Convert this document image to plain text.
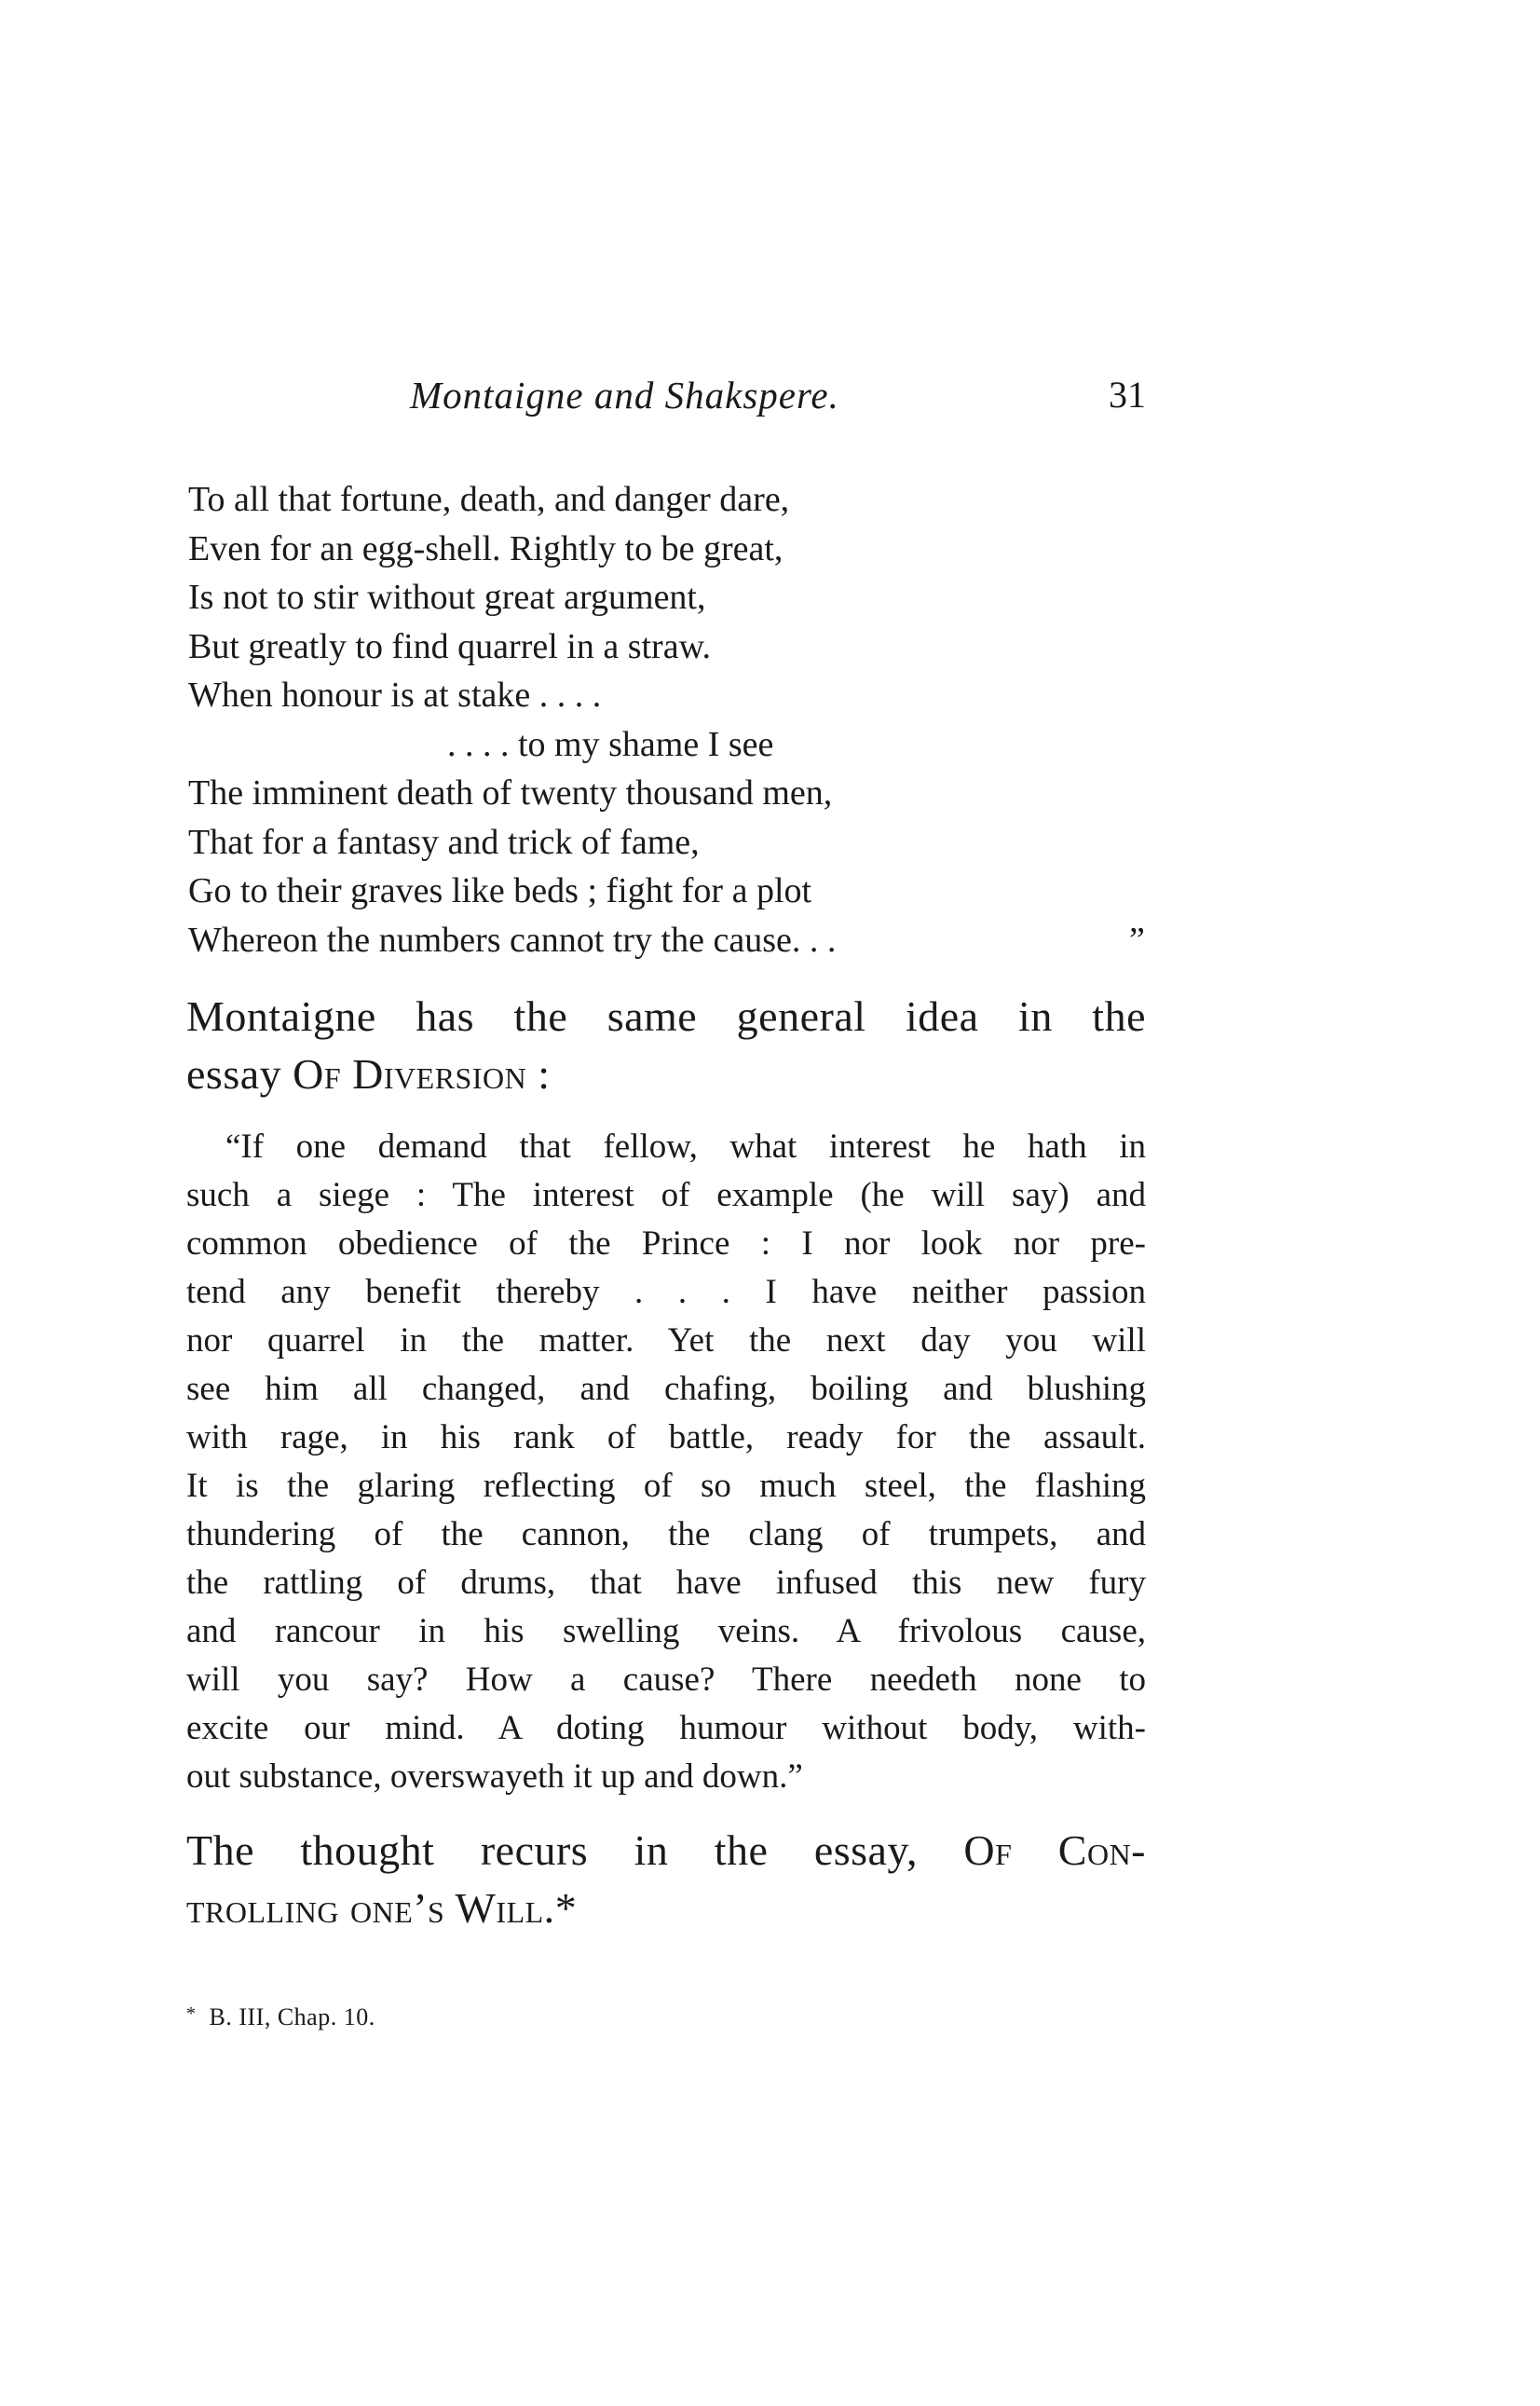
Montaigne and Shakspere.	31
To all that fortune, death, and danger dare,
Even for an egg-shell. Rightly to be great,
Is not to stir without great argument,
But greatly to find quarrel in a straw.
When honour is at stake . . . .
. . . . to my shame I see
The imminent death of twenty thousand men,
That for a fantasy and trick of fame,
Go to their graves like beds ; fight for a plot
Whereon the numbers cannot try the cause. . .	”
Montaigne has the same general idea in the
essay Of Diversion :
“If one demand that fellow, what interest he hath in
such a siege : The interest of example (he will say) and
common obedience of the Prince : I nor look nor pre-
tend any benefit thereby . . . I have neither passion
nor quarrel in the matter. Yet the next day you will
see him all changed, and chafing, boiling and blushing
with rage, in his rank of battle, ready for the assault.
It is the glaring reflecting of so much steel, the flashing
thundering of the cannon, the clang of trumpets, and
the rattling of drums, that have infused this new fury
and rancour in his swelling veins. A frivolous cause,
will you say? How a cause? There needeth none to
excite our mind. A doting humour without body, with-
out substance, overswayeth it up and down.”
The thought recurs in the essay, Of Con-
trolling one’s Will.*
* B. III, Chap. 10.
